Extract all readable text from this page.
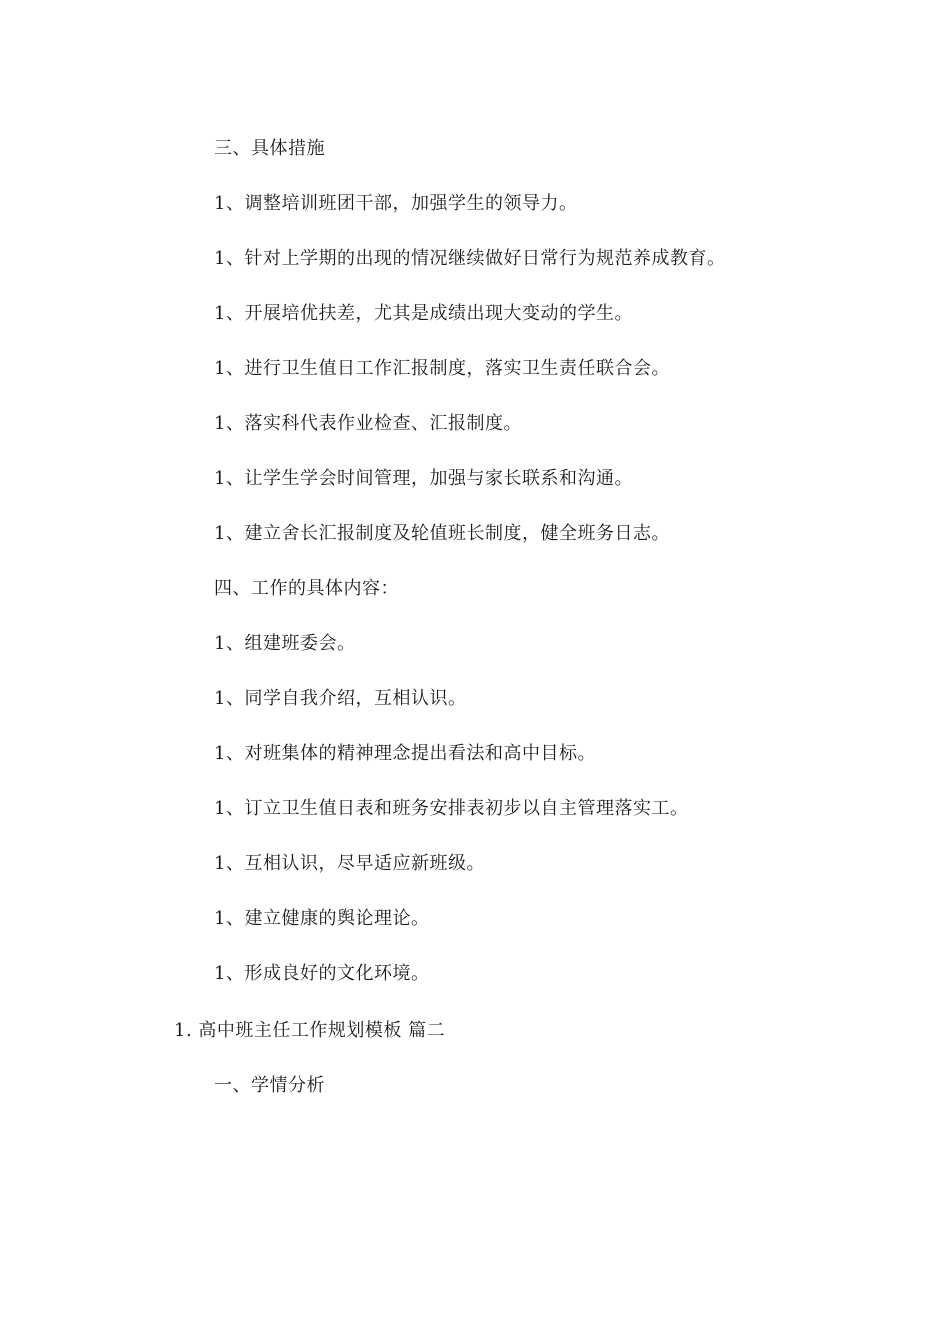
三、具体措施
1、调整培训班团干部，加强学生的领导力。
1、针对上学期的出现的情况继续做好日常行为规范养成教育。
1、开展培优扶差，尤其是成绩出现大变动的学生。
1、进行卫生值日工作汇报制度，落实卫生责任联合会。
1、落实科代表作业检查、汇报制度。
1、让学生学会时间管理，加强与家长联系和沟通。
1、建立舍长汇报制度及轮值班长制度，健全班务日志。
四、工作的具体内容：
1、组建班委会。
1、同学自我介绍，互相认识。
1、对班集体的精神理念提出看法和高中目标。
1、订立卫生值日表和班务安排表初步以自主管理落实工。
1、互相认识，尽早适应新班级。
1、建立健康的舆论理论。
1、形成良好的文化环境。
1. 高中班主任工作规划模板 篇二
一、学情分析
